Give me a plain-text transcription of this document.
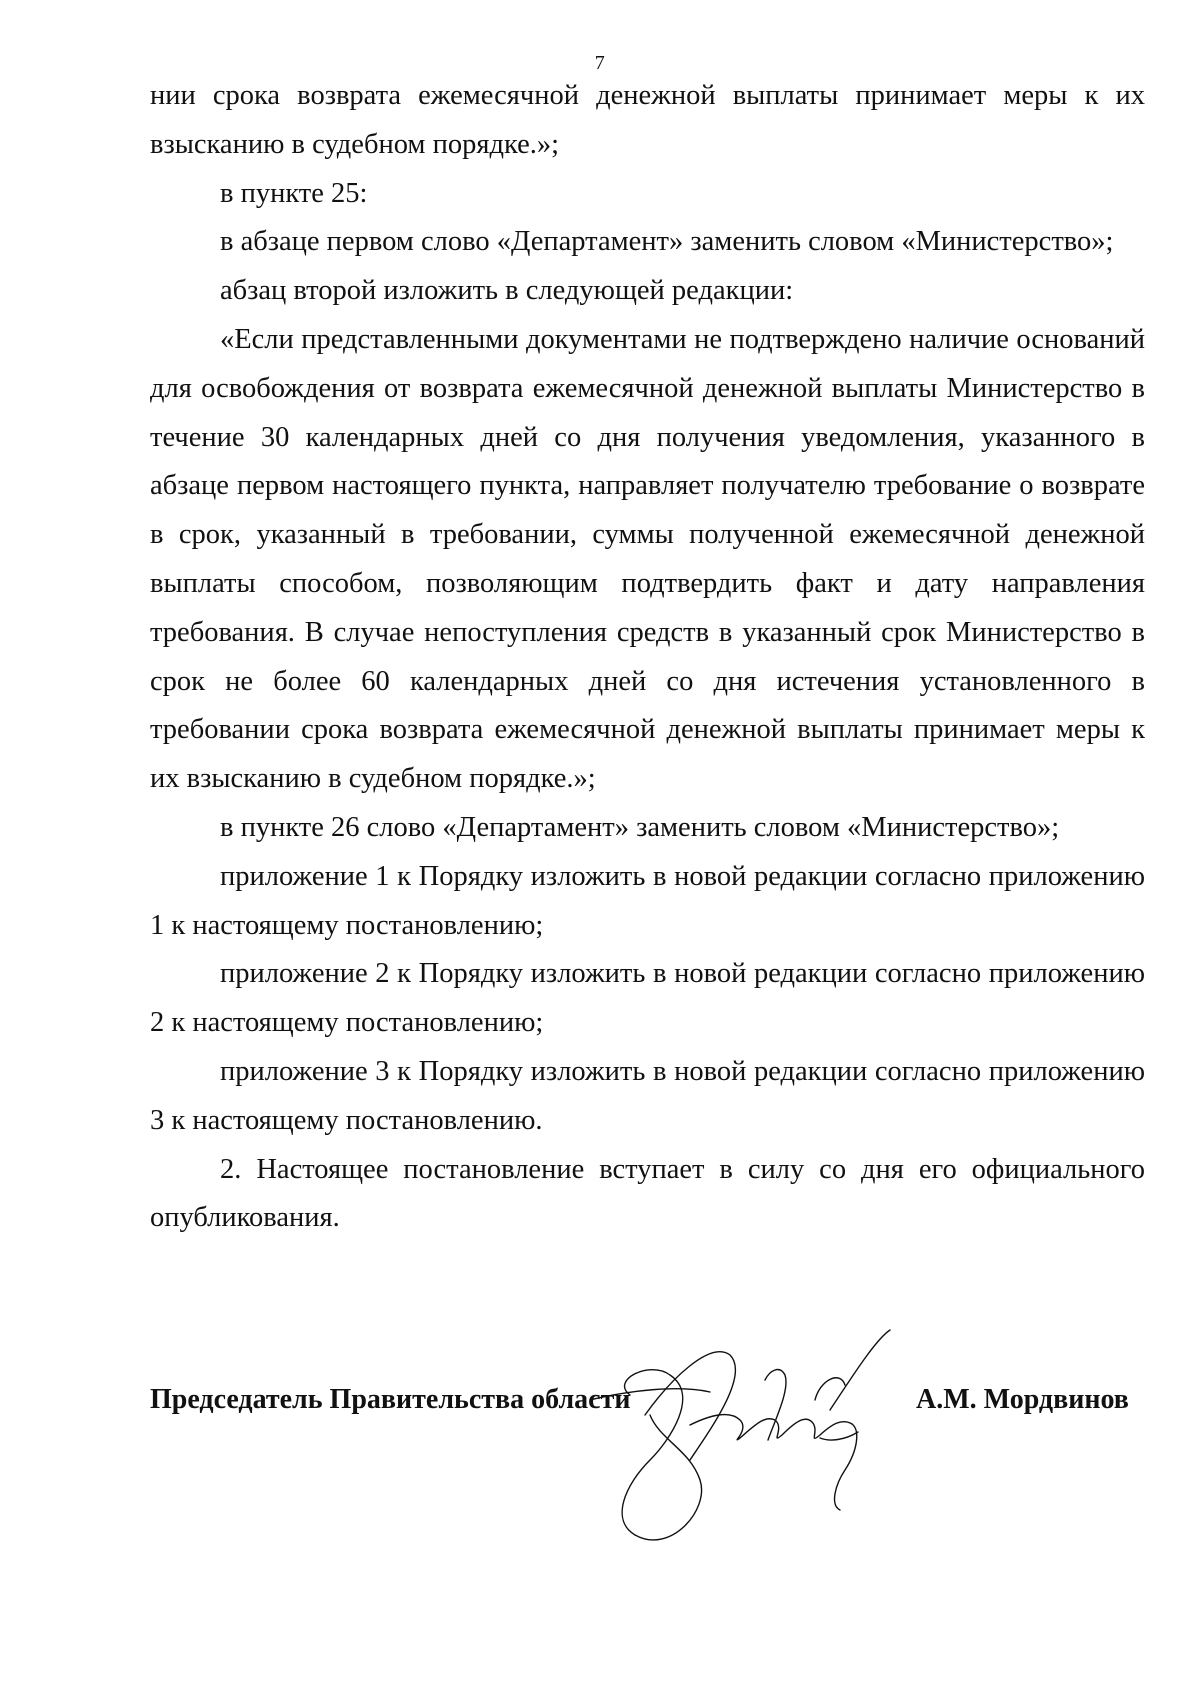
7

нии срока возврата ежемесячной денежной выплаты принимает меры к их взысканию в судебном порядке.»;

в пункте 25:

в абзаце первом слово «Департамент» заменить словом «Министерство»;

абзац второй изложить в следующей редакции:

«Если представленными документами не подтверждено наличие оснований для освобождения от возврата ежемесячной денежной выплаты Министерство в течение 30 календарных дней со дня получения уведомления, указанного в абзаце первом настоящего пункта, направляет получателю требование о возврате в срок, указанный в требовании, суммы полученной ежемесячной денежной выплаты способом, позволяющим подтвердить факт и дату направления требования. В случае непоступления средств в указанный срок Министерство в срок не более 60 календарных дней со дня истечения установленного в требовании срока возврата ежемесячной денежной выплаты принимает меры к их взысканию в судебном порядке.»;

в пункте 26 слово «Департамент» заменить словом «Министерство»;

приложение 1 к Порядку изложить в новой редакции согласно приложению 1 к настоящему постановлению;

приложение 2 к Порядку изложить в новой редакции согласно приложению 2 к настоящему постановлению;

приложение 3 к Порядку изложить в новой редакции согласно приложению 3 к настоящему постановлению.

2. Настоящее постановление вступает в силу со дня его официального опубликования.

Председатель Правительства области	А.М. Мордвинов
